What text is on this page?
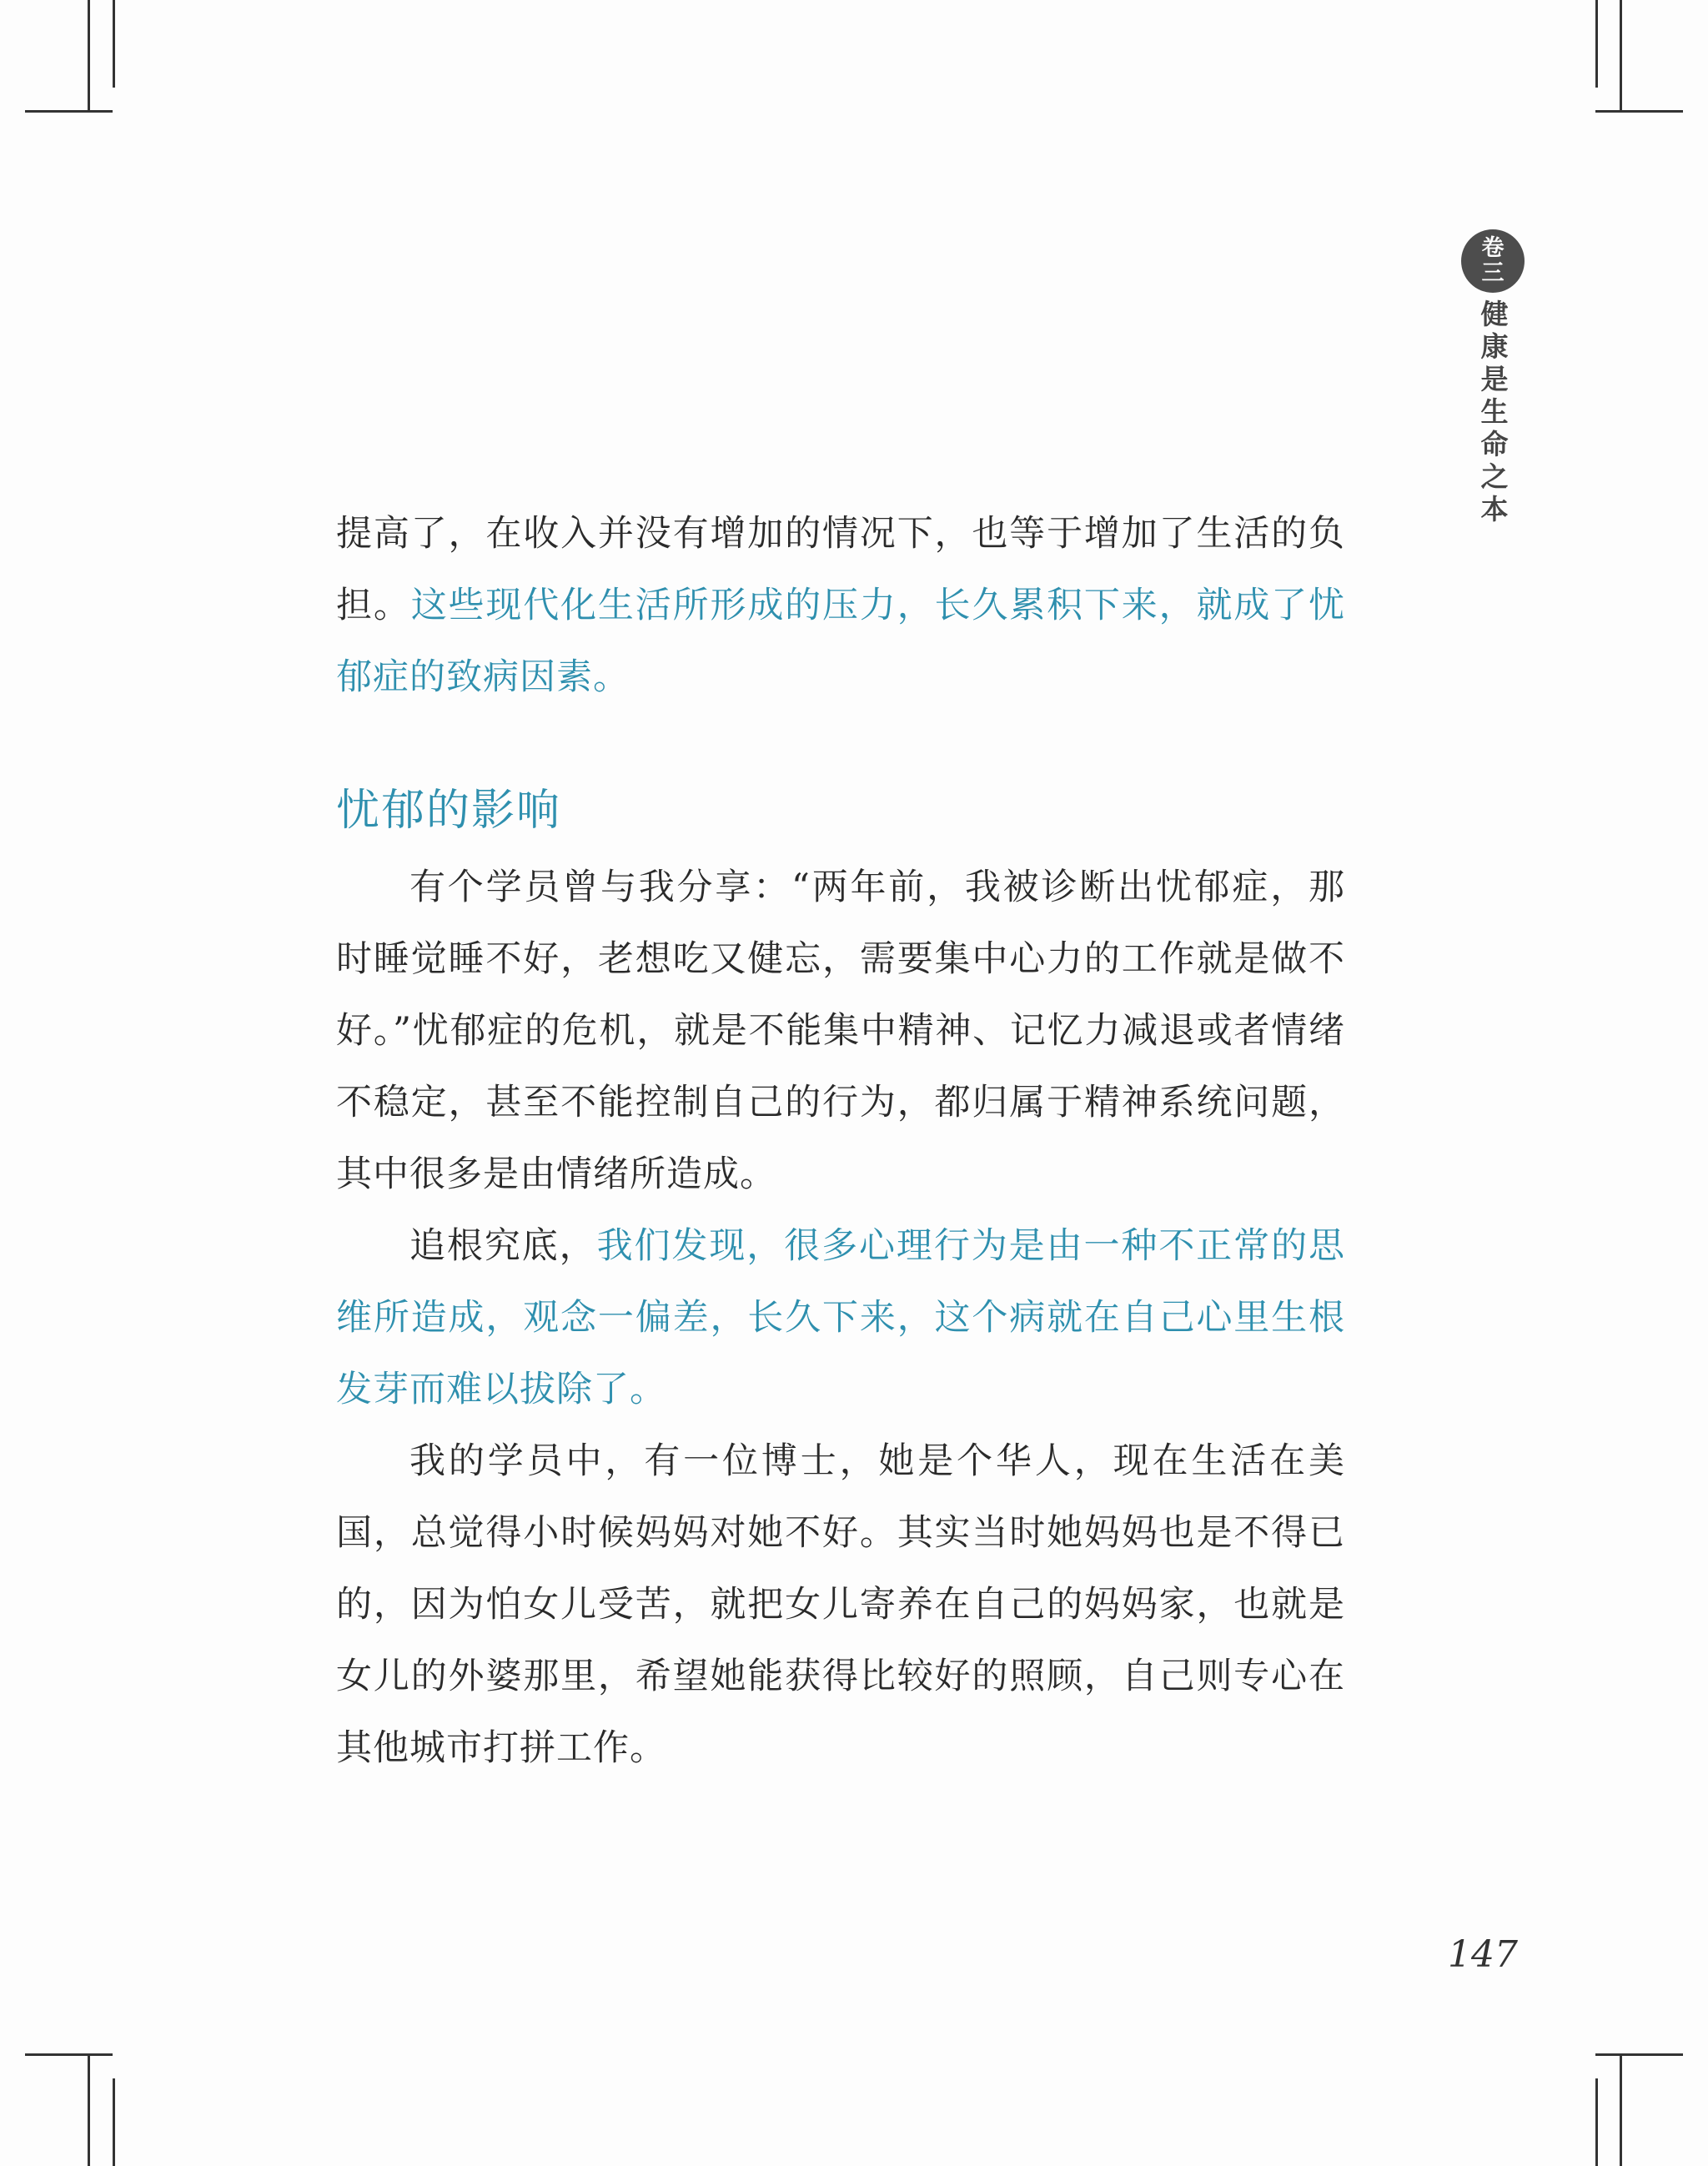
卷
三
健康是生命之本

提高了，在收入并没有增加的情况下，也等于增加了生活的负担。这些现代化生活所形成的压力，长久累积下来，就成了忧郁症的致病因素。

忧郁的影响

有个学员曾与我分享：“两年前，我被诊断出忧郁症，那时睡觉睡不好，老想吃又健忘，需要集中心力的工作就是做不好。”忧郁症的危机，就是不能集中精神、记忆力减退或者情绪不稳定，甚至不能控制自己的行为，都归属于精神系统问题，其中很多是由情绪所造成。

追根究底，我们发现，很多心理行为是由一种不正常的思维所造成，观念一偏差，长久下来，这个病就在自己心里生根发芽而难以拔除了。

我的学员中，有一位博士，她是个华人，现在生活在美国，总觉得小时候妈妈对她不好。其实当时她妈妈也是不得已的，因为怕女儿受苦，就把女儿寄养在自己的妈妈家，也就是女儿的外婆那里，希望她能获得比较好的照顾，自己则专心在其他城市打拼工作。

147
